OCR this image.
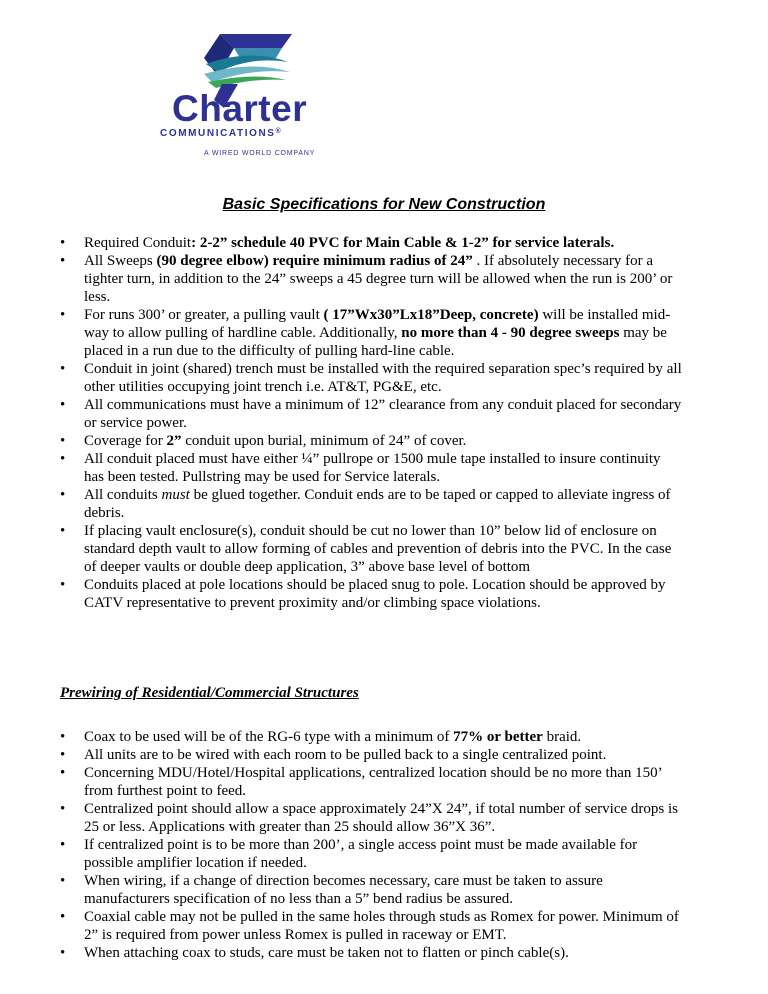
Charter
COMMUNICATIONS®
A WIRED WORLD COMPANY
Basic Specifications for New Construction
• Required Conduit: 2-2” schedule 40 PVC for Main Cable & 1-2” for service laterals.
• All Sweeps (90 degree elbow) require minimum radius of 24” . If absolutely necessary for a tighter turn, in addition to the 24” sweeps a 45 degree turn will be allowed when the run is 200’ or less.
• For runs 300’ or greater, a pulling vault ( 17”Wx30”Lx18”Deep, concrete) will be installed mid-way to allow pulling of hardline cable. Additionally, no more than 4 - 90 degree sweeps may be placed in a run due to the difficulty of pulling hard-line cable.
• Conduit in joint (shared) trench must be installed with the required separation spec’s required by all other utilities occupying joint trench i.e. AT&T, PG&E, etc.
• All communications must have a minimum of 12” clearance from any conduit placed for secondary or service power.
• Coverage for 2” conduit upon burial, minimum of 24” of cover.
• All conduit placed must have either ¼” pullrope or 1500 mule tape installed to insure continuity has been tested. Pullstring may be used for Service laterals.
• All conduits must be glued together. Conduit ends are to be taped or capped to alleviate ingress of debris.
• If placing vault enclosure(s), conduit should be cut no lower than 10” below lid of enclosure on standard depth vault to allow forming of cables and prevention of debris into the PVC. In the case of deeper vaults or double deep application, 3” above base level of bottom
• Conduits placed at pole locations should be placed snug to pole. Location should be approved by CATV representative to prevent proximity and/or climbing space violations.
Prewiring of Residential/Commercial Structures
• Coax to be used will be of the RG-6 type with a minimum of 77% or better braid.
• All units are to be wired with each room to be pulled back to a single centralized point.
• Concerning MDU/Hotel/Hospital applications, centralized location should be no more than 150’ from furthest point to feed.
• Centralized point should allow a space approximately 24”X 24”, if total number of service drops is 25 or less. Applications with greater than 25 should allow 36”X 36”.
• If centralized point is to be more than 200’, a single access point must be made available for possible amplifier location if needed.
• When wiring, if a change of direction becomes necessary, care must be taken to assure manufacturers specification of no less than a 5” bend radius be assured.
• Coaxial cable may not be pulled in the same holes through studs as Romex for power. Minimum of 2” is required from power unless Romex is pulled in raceway or EMT.
• When attaching coax to studs, care must be taken not to flatten or pinch cable(s).
